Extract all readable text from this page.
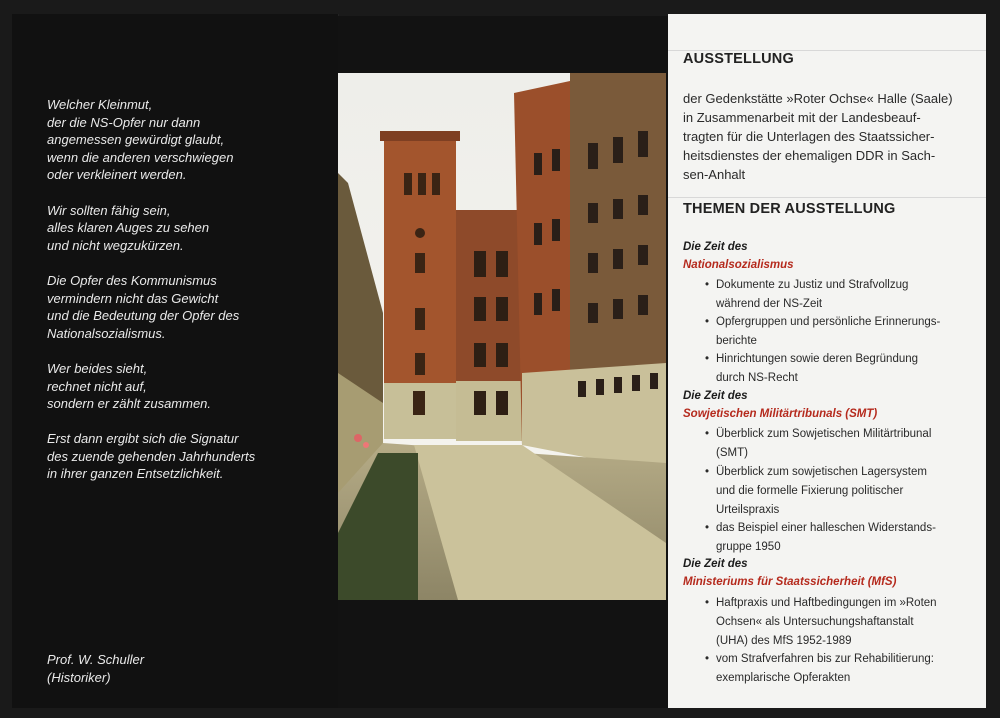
Welcher Kleinmut,
der die NS-Opfer nur dann
angemessen gewürdigt glaubt,
wenn die anderen verschwiegen
oder verkleinert werden.

Wir sollten fähig sein,
alles klaren Auges zu sehen
und nicht wegzukürzen.

Die Opfer des Kommunismus
vermindern nicht das Gewicht
und die Bedeutung der Opfer des
Nationalsozialismus.

Wer beides sieht,
rechnet nicht auf,
sondern er zählt zusammen.

Erst dann ergibt sich die Signatur
des zuende gehenden Jahrhunderts
in ihrer ganzen Entsetzlichkeit.

Prof. W. Schuller
(Historiker)
AUSSTELLUNG
der Gedenkstätte »Roter Ochse« Halle (Saale)
in Zusammenarbeit mit der Landesbeauf-
tragten für die Unterlagen des Staatssicher-
heitsdienstes der ehemaligen DDR in Sach-
sen-Anhalt
THEMEN DER AUSSTELLUNG
Die Zeit des
Nationalsozialismus
• Dokumente zu Justiz und Strafvollzug
während der NS-Zeit
• Opfergruppen und persönliche Erinnerungs-
berichte
• Hinrichtungen sowie deren Begründung
durch NS-Recht
Die Zeit des
Sowjetischen Militärtribunals (SMT)
• Überblick zum Sowjetischen Militärtribunal
(SMT)
• Überblick zum sowjetischen Lagersystem
und die formelle Fixierung politischer
Urteilspraxis
• das Beispiel einer halleschen Widerstands-
gruppe 1950
Die Zeit des
Ministeriums für Staatssicherheit (MfS)
• Haftpraxis und Haftbedingungen im »Roten
Ochsen« als Untersuchungshaftanstalt
(UHA) des MfS 1952-1989
• vom Strafverfahren bis zur Rehabilitierung:
exemplarische Opferakten
